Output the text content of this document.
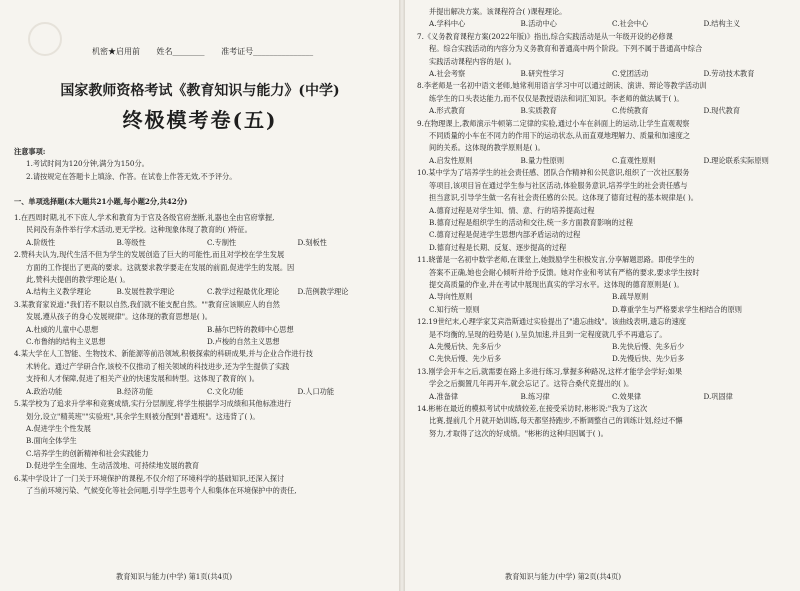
机密★启用前 姓名________ 准考证号_______________
国家教师资格考试《教育知识与能力》(中学)
终极模考卷(五)
注意事项:
1.考试时间为120分钟,满分为150分。
2.请按规定在答题卡上填涂、作答。在试卷上作答无效,不予评分。
一、单项选择题(本大题共21小题,每小题2分,共42分)
1.在西周时期,礼不下庶人,学术和教育为于官及各级官府垄断,礼器也全由官府掌握,
民间没有条件举行学术活动,更无学校。这种现象体现了教育的( )特征。
A.阶级性	B.等级性	C.专制性	D.刻板性
2.赞科夫认为,现代生活不但为学生的发展创造了巨大的可能性,而且对学校在学生发展
方面的工作提出了更高的要求。这就要求教学要走在发展的前面,促进学生的发展。因
此,赞科夫提倡的教学理论是( )。
A.结构主义教学理论	B.发展性教学理论	C.教学过程最优化理论	D.范例教学理论
3.某教育家说道:"我们若不限以自然,我们就不能支配自然。""教育应该顺应人的自然
发展,遵从孩子的身心发展规律"。这体现的教育思想是( )。
A.杜威的儿童中心思想	B.赫尔巴特的教师中心思想
C.布鲁纳的结构主义思想	D.卢梭的自然主义思想
4.某大学在人工智能、生物技术、新能源等前沿领域,积极探索的科研成果,并与企业合作进行技
术转化。通过产学研合作,该校不仅推动了相关领域的科技进步,还为学生提供了实践
支持和人才保障,促进了相关产业的快速发展和转型。这体现了教育的( )。
A.政治功能	B.经济功能	C.文化功能	D.人口功能
5.某学校为了追求升学率和竞赛成绩,实行分层制度,将学生根据学习成绩和其他标准进行
划分,设立"精英班""实验班",其余学生则被分配到"普通班"。这违背了( )。
A.促进学生个性发展
B.面向全体学生
C.培养学生的创新精神和社会实践能力
D.促进学生全面地、生动活泼地、可持续地发展的教育
6.某中学设计了一门关于环境保护的课程,不仅介绍了环境科学的基础知识,还深入探讨
了当前环境污染、气候变化等社会问题,引导学生思考个人和集体在环境保护中的责任,
教育知识与能力(中学) 第1页(共4页)
并提出解决方案。该课程符合( )课程理论。
A.学科中心	B.活动中心	C.社会中心	D.结构主义
7.《义务教育课程方案(2022年版)》指出,综合实践活动是从一年级开设的必修课
程。综合实践活动的内容分为义务教育和普通高中两个阶段。下列不属于普通高中综合
实践活动课程内容的是( )。
A.社会考察	B.研究性学习	C.党团活动	D.劳动技术教育
8.李老师是一名初中语文老师,她常利用语言学习中可以通过朗读、演讲、辩论等教学活动训
练学生的口头表达能力,而不仅仅是教授语法和词汇知识。李老师的做法属于( )。
A.形式教育	B.实质教育	C.传统教育	D.现代教育
9.在物理课上,教师演示牛顿第二定律的实验,通过小车在斜面上的运动,让学生直观观察
不同质量的小车在不同力的作用下的运动状态,从而直观地理解力、质量和加速度之
间的关系。这体现的教学原则是( )。
A.启发性原则	B.量力性原则	C.直观性原则	D.理论联系实际原则
10.某中学为了培养学生的社会责任感、团队合作精神和公民意识,组织了一次社区服务
等项目,该项目旨在通过学生参与社区活动,体验服务意识,培养学生的社会责任感与
担当意识,引导学生做一名有社会责任感的公民。这体现了德育过程的基本规律是( )。
A.德育过程是对学生知、情、意、行的培养提高过程
B.德育过程是组织学生的活动和交往,统一多方面教育影响的过程
C.德育过程是促进学生思想内部矛盾运动的过程
D.德育过程是长期、反复、逐步提高的过程
11.晓蕾是一名初中数学老师,在课堂上,她鼓励学生积极发言,分享解题思路。即使学生的
答案不正确,她也会耐心倾听并给予反馈。她对作业和考试有严格的要求,要求学生按时
提交高质量的作业,并在考试中展现出真实的学习水平。这体现的德育原则是( )。
A.导向性原则	B.疏导原则
C.知行统一原则	D.尊重学生与严格要求学生相结合的原则
12.19世纪末,心理学家艾宾浩斯通过实验提出了"遗忘曲线"。该曲线表明,遗忘的速度
是不均衡的,呈现的趋势是( ),呈负加速,并且到一定程度就几乎不再遗忘了。
A.先慢后快、先多后少	B.先快后慢、先多后少
C.先快后慢、先少后多	D.先慢后快、先少后多
13.刚学会开车之后,就需要在路上多进行练习,掌握多种路况,这样才能学会学好;如果
学会之后搁置几年再开车,就会忘记了。这符合桑代克提出的( )。
A.准备律	B.练习律	C.效果律	D.巩固律
14.彬彬在最近的模拟考试中成绩较差,在接受采访时,彬彬说:"我为了这次
比赛,提前几个月就开始训练,每天都坚持跑步,不断调整自己的训练计划,经过不懈
努力,才取得了这次的好成绩。"彬彬的这种归因属于( )。
教育知识与能力(中学) 第2页(共4页)
